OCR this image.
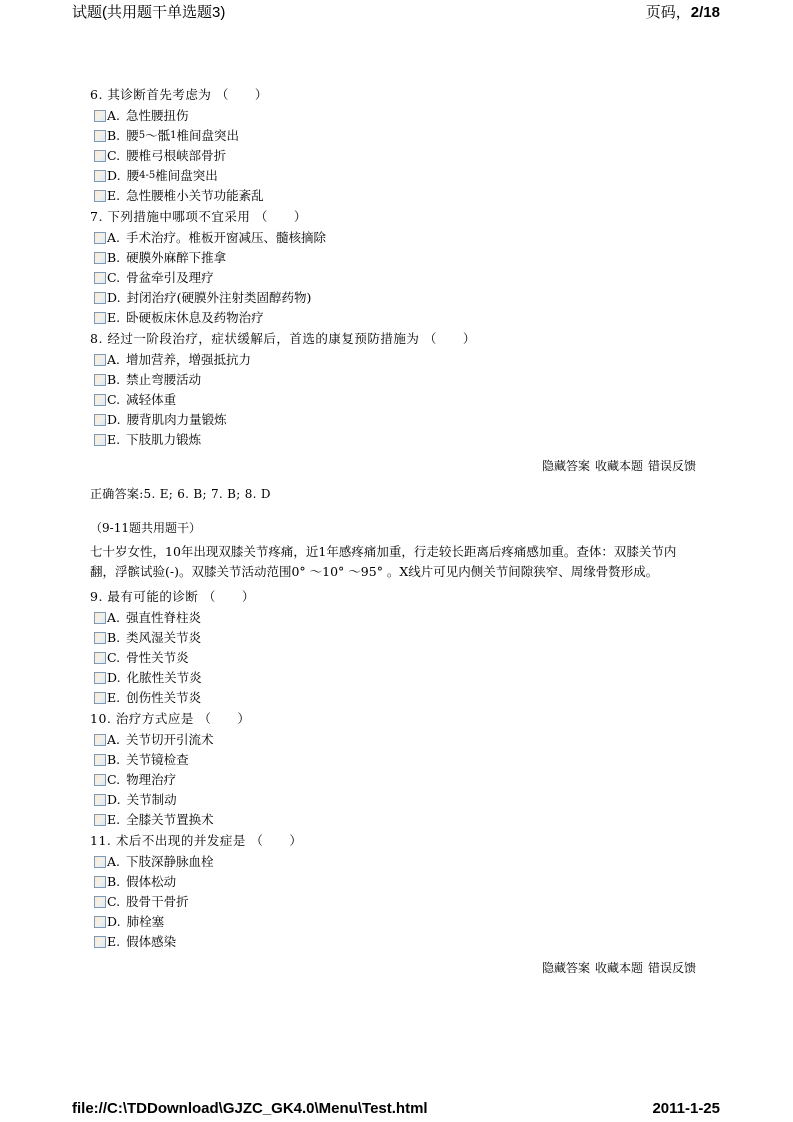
试题(共用题干单选题3)	页码，2/18
6. 其诊断首先考虑为 （　　）
A. 急性腰扭伤
B. 腰 5 ～骶 1 椎间盘突出
C. 腰椎弓根峡部骨折
D. 腰 4-5 椎间盘突出
E. 急性腰椎小关节功能紊乱
7. 下列措施中哪项不宜采用 （　　）
A. 手术治疗。椎板开窗减压、髓核摘除
B. 硬膜外麻醉下推拿
C. 骨盆牵引及理疗
D. 封闭治疗(硬膜外注射类固醇药物)
E. 卧硬板床休息及药物治疗
8. 经过一阶段治疗，症状缓解后，首选的康复预防措施为 （　　）
A. 增加营养，增强抵抗力
B. 禁止弯腰活动
C. 减轻体重
D. 腰背肌肉力量锻炼
E. 下肢肌力锻炼
隐藏答案 收藏本题 错误反馈
正确答案:5. E; 6. B; 7. B; 8. D
（9-11题共用题干）
七十岁女性，10年出现双膝关节疼痛，近1年感疼痛加重，行走较长距离后疼痛感加重。查体：双膝关节内翻，浮髌试验(-)。双膝关节活动范围0° ～10° ～95° 。X线片可见内侧关节间隙狭窄、周缘骨赘形成。
9. 最有可能的诊断 （　　）
A. 强直性脊柱炎
B. 类风湿关节炎
C. 骨性关节炎
D. 化脓性关节炎
E. 创伤性关节炎
10. 治疗方式应是 （　　）
A. 关节切开引流术
B. 关节镜检查
C. 物理治疗
D. 关节制动
E. 全膝关节置换术
11. 术后不出现的并发症是 （　　）
A. 下肢深静脉血栓
B. 假体松动
C. 股骨干骨折
D. 肺栓塞
E. 假体感染
隐藏答案 收藏本题 错误反馈
file://C:\TDDownload\GJZC_GK4.0\Menu\Test.html	2011-1-25
